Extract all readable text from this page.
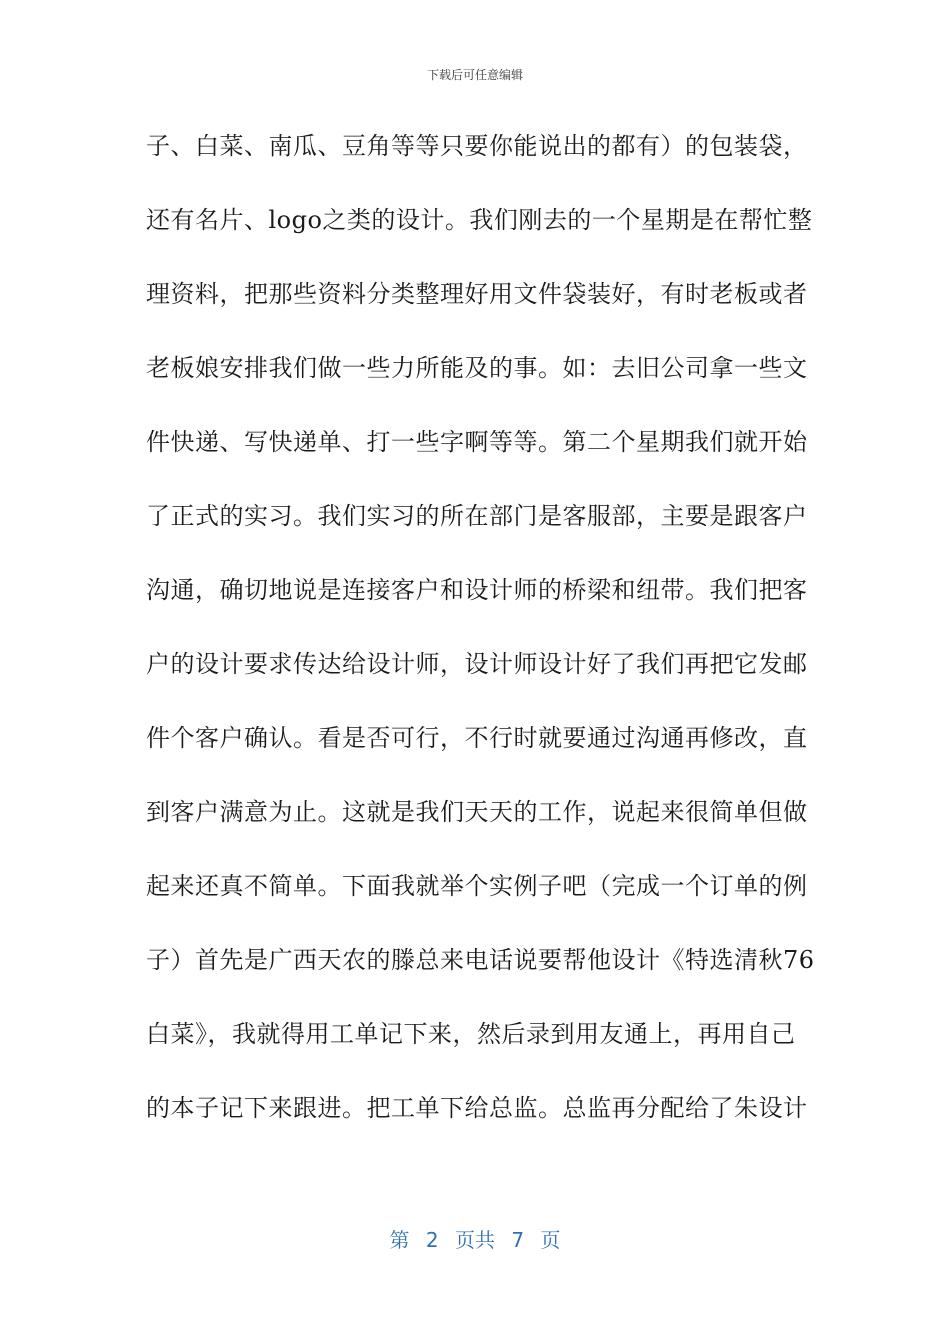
下载后可任意编辑
子、白菜、南瓜、豆角等等只要你能说出的都有）的包装袋，
还有名片、logo之类的设计。我们刚去的一个星期是在帮忙整
理资料，把那些资料分类整理好用文件袋装好，有时老板或者
老板娘安排我们做一些力所能及的事。如：去旧公司拿一些文
件快递、写快递单、打一些字啊等等。第二个星期我们就开始
了正式的实习。我们实习的所在部门是客服部，主要是跟客户
沟通，确切地说是连接客户和设计师的桥梁和纽带。我们把客
户的设计要求传达给设计师，设计师设计好了我们再把它发邮
件个客户确认。看是否可行，不行时就要通过沟通再修改，直
到客户满意为止。这就是我们天天的工作，说起来很简单但做
起来还真不简单。下面我就举个实例子吧（完成一个订单的例
子）首先是广西天农的滕总来电话说要帮他设计《特选清秋76
白菜》，我就得用工单记下来，然后录到用友通上，再用自己
的本子记下来跟进。把工单下给总监。总监再分配给了朱设计
第 2 页共 7 页
